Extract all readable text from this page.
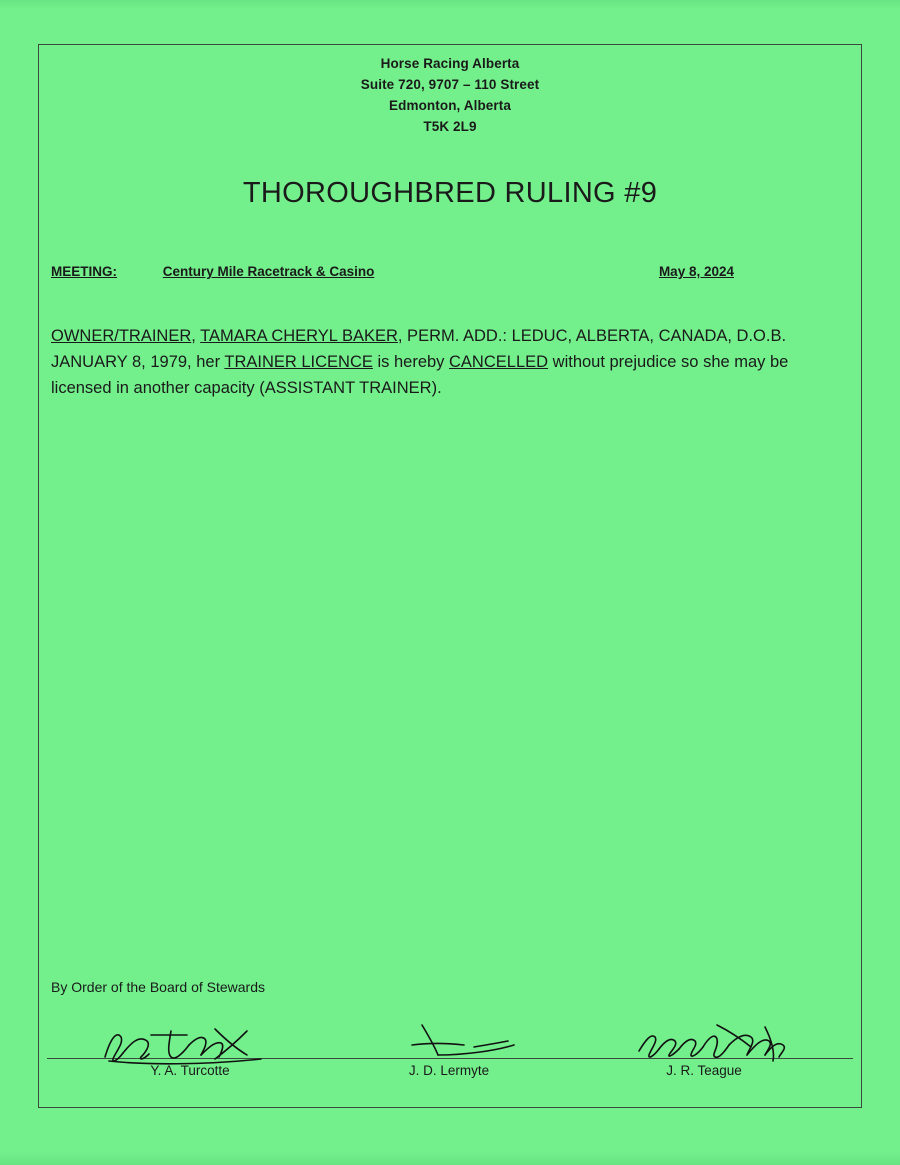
Horse Racing Alberta
Suite 720, 9707 – 110 Street
Edmonton, Alberta
T5K 2L9
THOROUGHBRED RULING #9
May 8, 2024
MEETING:	Century Mile Racetrack & Casino
OWNER/TRAINER, TAMARA CHERYL BAKER, PERM. ADD.: LEDUC, ALBERTA, CANADA, D.O.B. JANUARY 8, 1979, her TRAINER LICENCE is hereby CANCELLED without prejudice so she may be licensed in another capacity (ASSISTANT TRAINER).
By Order of the Board of Stewards
Y. A. Turcotte	J. D. Lermyte	J. R. Teague
